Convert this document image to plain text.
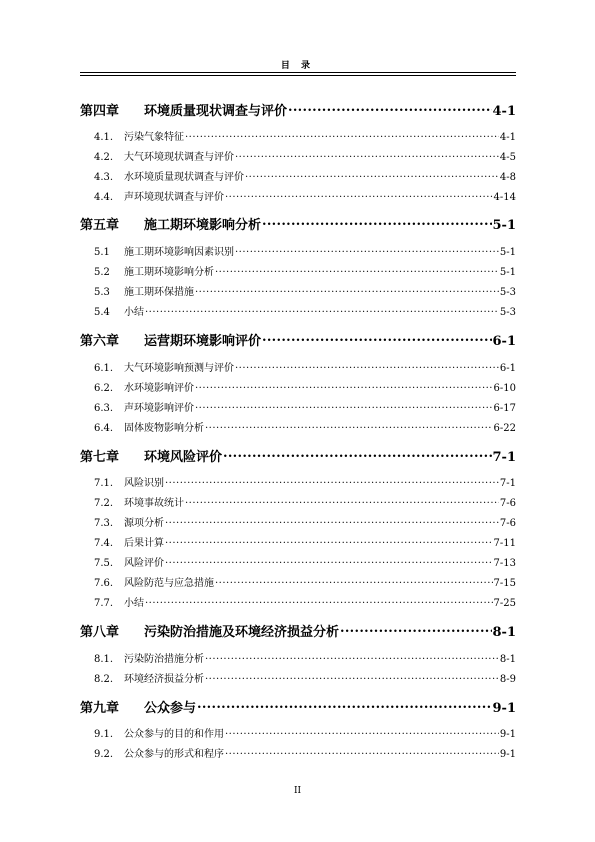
目 录
第四章	环境质量现状调查与评价 .....	4-1
4.1.	污染气象特征 .....	4-1
4.2.	大气环境现状调查与评价 .....	4-5
4.3.	水环境质量现状调查与评价 .....	4-8
4.4.	声环境现状调查与评价 .....	4-14
第五章	施工期环境影响分析 .....	5-1
5.1	施工期环境影响因素识别 .....	5-1
5.2	施工期环境影响分析 .....	5-1
5.3	施工期环保措施 .....	5-3
5.4	小结 .....	5-3
第六章	运营期环境影响评价 .....	6-1
6.1.	大气环境影响预测与评价 .....	6-1
6.2.	水环境影响评价 .....	6-10
6.3.	声环境影响评价 .....	6-17
6.4.	固体废物影响分析 .....	6-22
第七章	环境风险评价 .....	7-1
7.1.	风险识别 .....	7-1
7.2.	环境事故统计 .....	7-6
7.3.	源项分析 .....	7-6
7.4.	后果计算 .....	7-11
7.5.	风险评价 .....	7-13
7.6.	风险防范与应急措施 .....	7-15
7.7.	小结 .....	7-25
第八章	污染防治措施及环境经济损益分析 .....	8-1
8.1.	污染防治措施分析 .....	8-1
8.2.	环境经济损益分析 .....	8-9
第九章	公众参与 .....	9-1
9.1.	公众参与的目的和作用 .....	9-1
9.2.	公众参与的形式和程序 .....	9-1
II
